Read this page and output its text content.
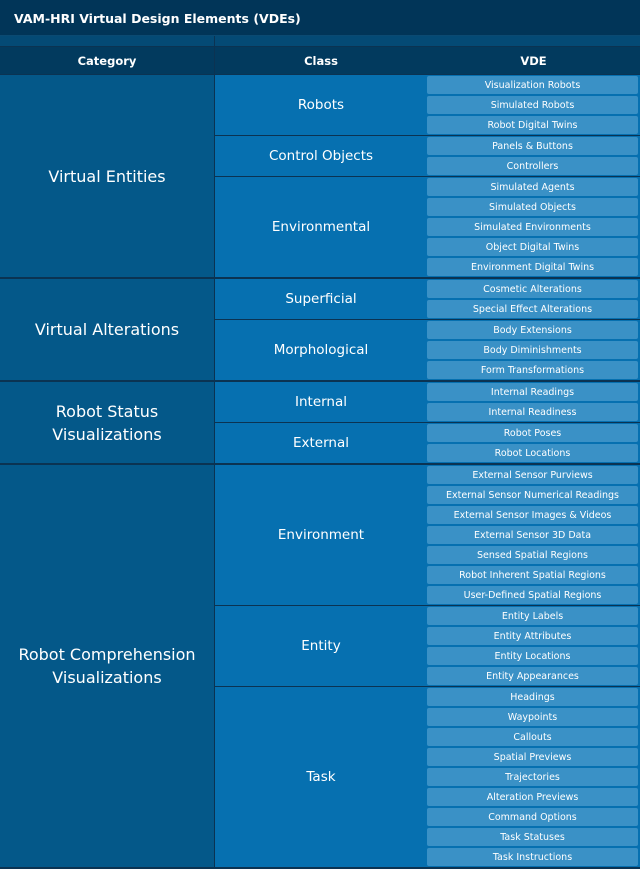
VAM-HRI Virtual Design Elements (VDEs)
Category	Class	VDE
Virtual Entities
Robots
Visualization Robots
Simulated Robots
Robot Digital Twins
Control Objects
Panels & Buttons
Controllers
Environmental
Simulated Agents
Simulated Objects
Simulated Environments
Object Digital Twins
Environment Digital Twins
Virtual Alterations
Superficial
Cosmetic Alterations
Special Effect Alterations
Morphological
Body Extensions
Body Diminishments
Form Transformations
Robot Status Visualizations
Internal
Internal Readings
Internal Readiness
External
Robot Poses
Robot Locations
Robot Comprehension Visualizations
Environment
External Sensor Purviews
External Sensor Numerical Readings
External Sensor Images & Videos
External Sensor 3D Data
Sensed Spatial Regions
Robot Inherent Spatial Regions
User-Defined Spatial Regions
Entity
Entity Labels
Entity Attributes
Entity Locations
Entity Appearances
Task
Headings
Waypoints
Callouts
Spatial Previews
Trajectories
Alteration Previews
Command Options
Task Statuses
Task Instructions
